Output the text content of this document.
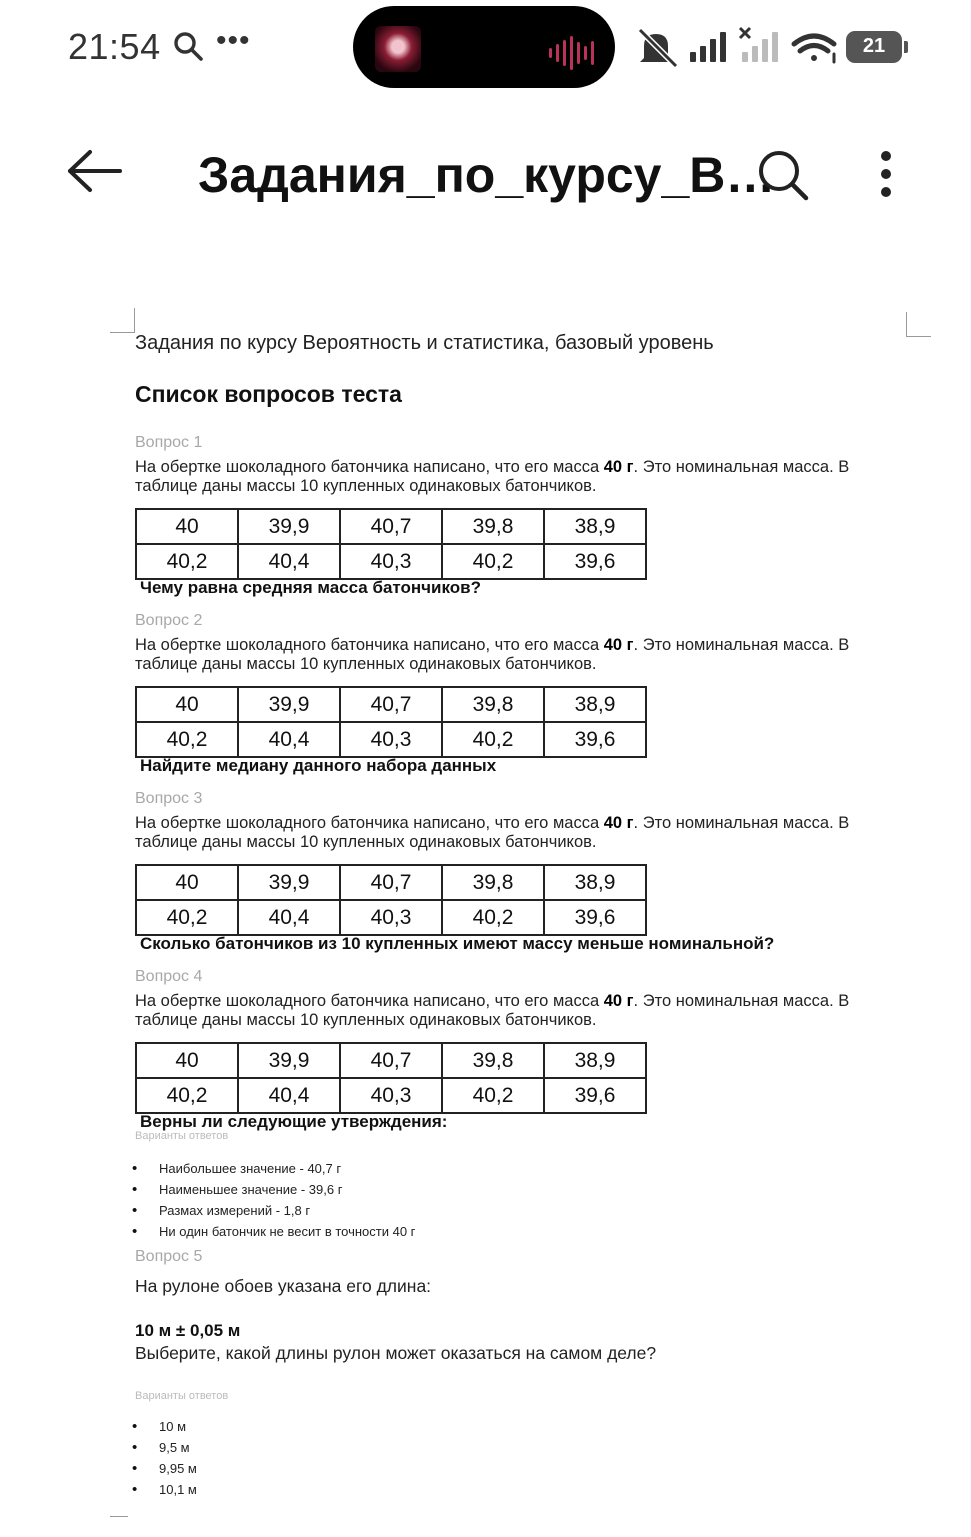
21:54 •••	21
Задания_по_курсу_В…
Задания по курсу Вероятность и статистика, базовый уровень
Список вопросов теста
Вопрос 1
На обертке шоколадного батончика написано, что его масса 40 г. Это номинальная масса. В таблице даны массы 10 купленных одинаковых батончиков.
40	39,9	40,7	39,8	38,9
40,2	40,4	40,3	40,2	39,6
Чему равна средняя масса батончиков?
Вопрос 2
На обертке шоколадного батончика написано, что его масса 40 г. Это номинальная масса. В таблице даны массы 10 купленных одинаковых батончиков.
40	39,9	40,7	39,8	38,9
40,2	40,4	40,3	40,2	39,6
Найдите медиану данного набора данных
Вопрос 3
На обертке шоколадного батончика написано, что его масса 40 г. Это номинальная масса. В таблице даны массы 10 купленных одинаковых батончиков.
40	39,9	40,7	39,8	38,9
40,2	40,4	40,3	40,2	39,6
Сколько батончиков из 10 купленных имеют массу меньше номинальной?
Вопрос 4
На обертке шоколадного батончика написано, что его масса 40 г. Это номинальная масса. В таблице даны массы 10 купленных одинаковых батончиков.
40	39,9	40,7	39,8	38,9
40,2	40,4	40,3	40,2	39,6
Верны ли следующие утверждения:
Варианты ответов
• Наибольшее значение - 40,7 г
• Наименьшее значение - 39,6 г
• Размах измерений - 1,8 г
• Ни один батончик не весит в точности 40 г
Вопрос 5
На рулоне обоев указана его длина:
10 м ± 0,05 м
Выберите, какой длины рулон может оказаться на самом деле?
Варианты ответов
• 10 м
• 9,5 м
• 9,95 м
• 10,1 м
